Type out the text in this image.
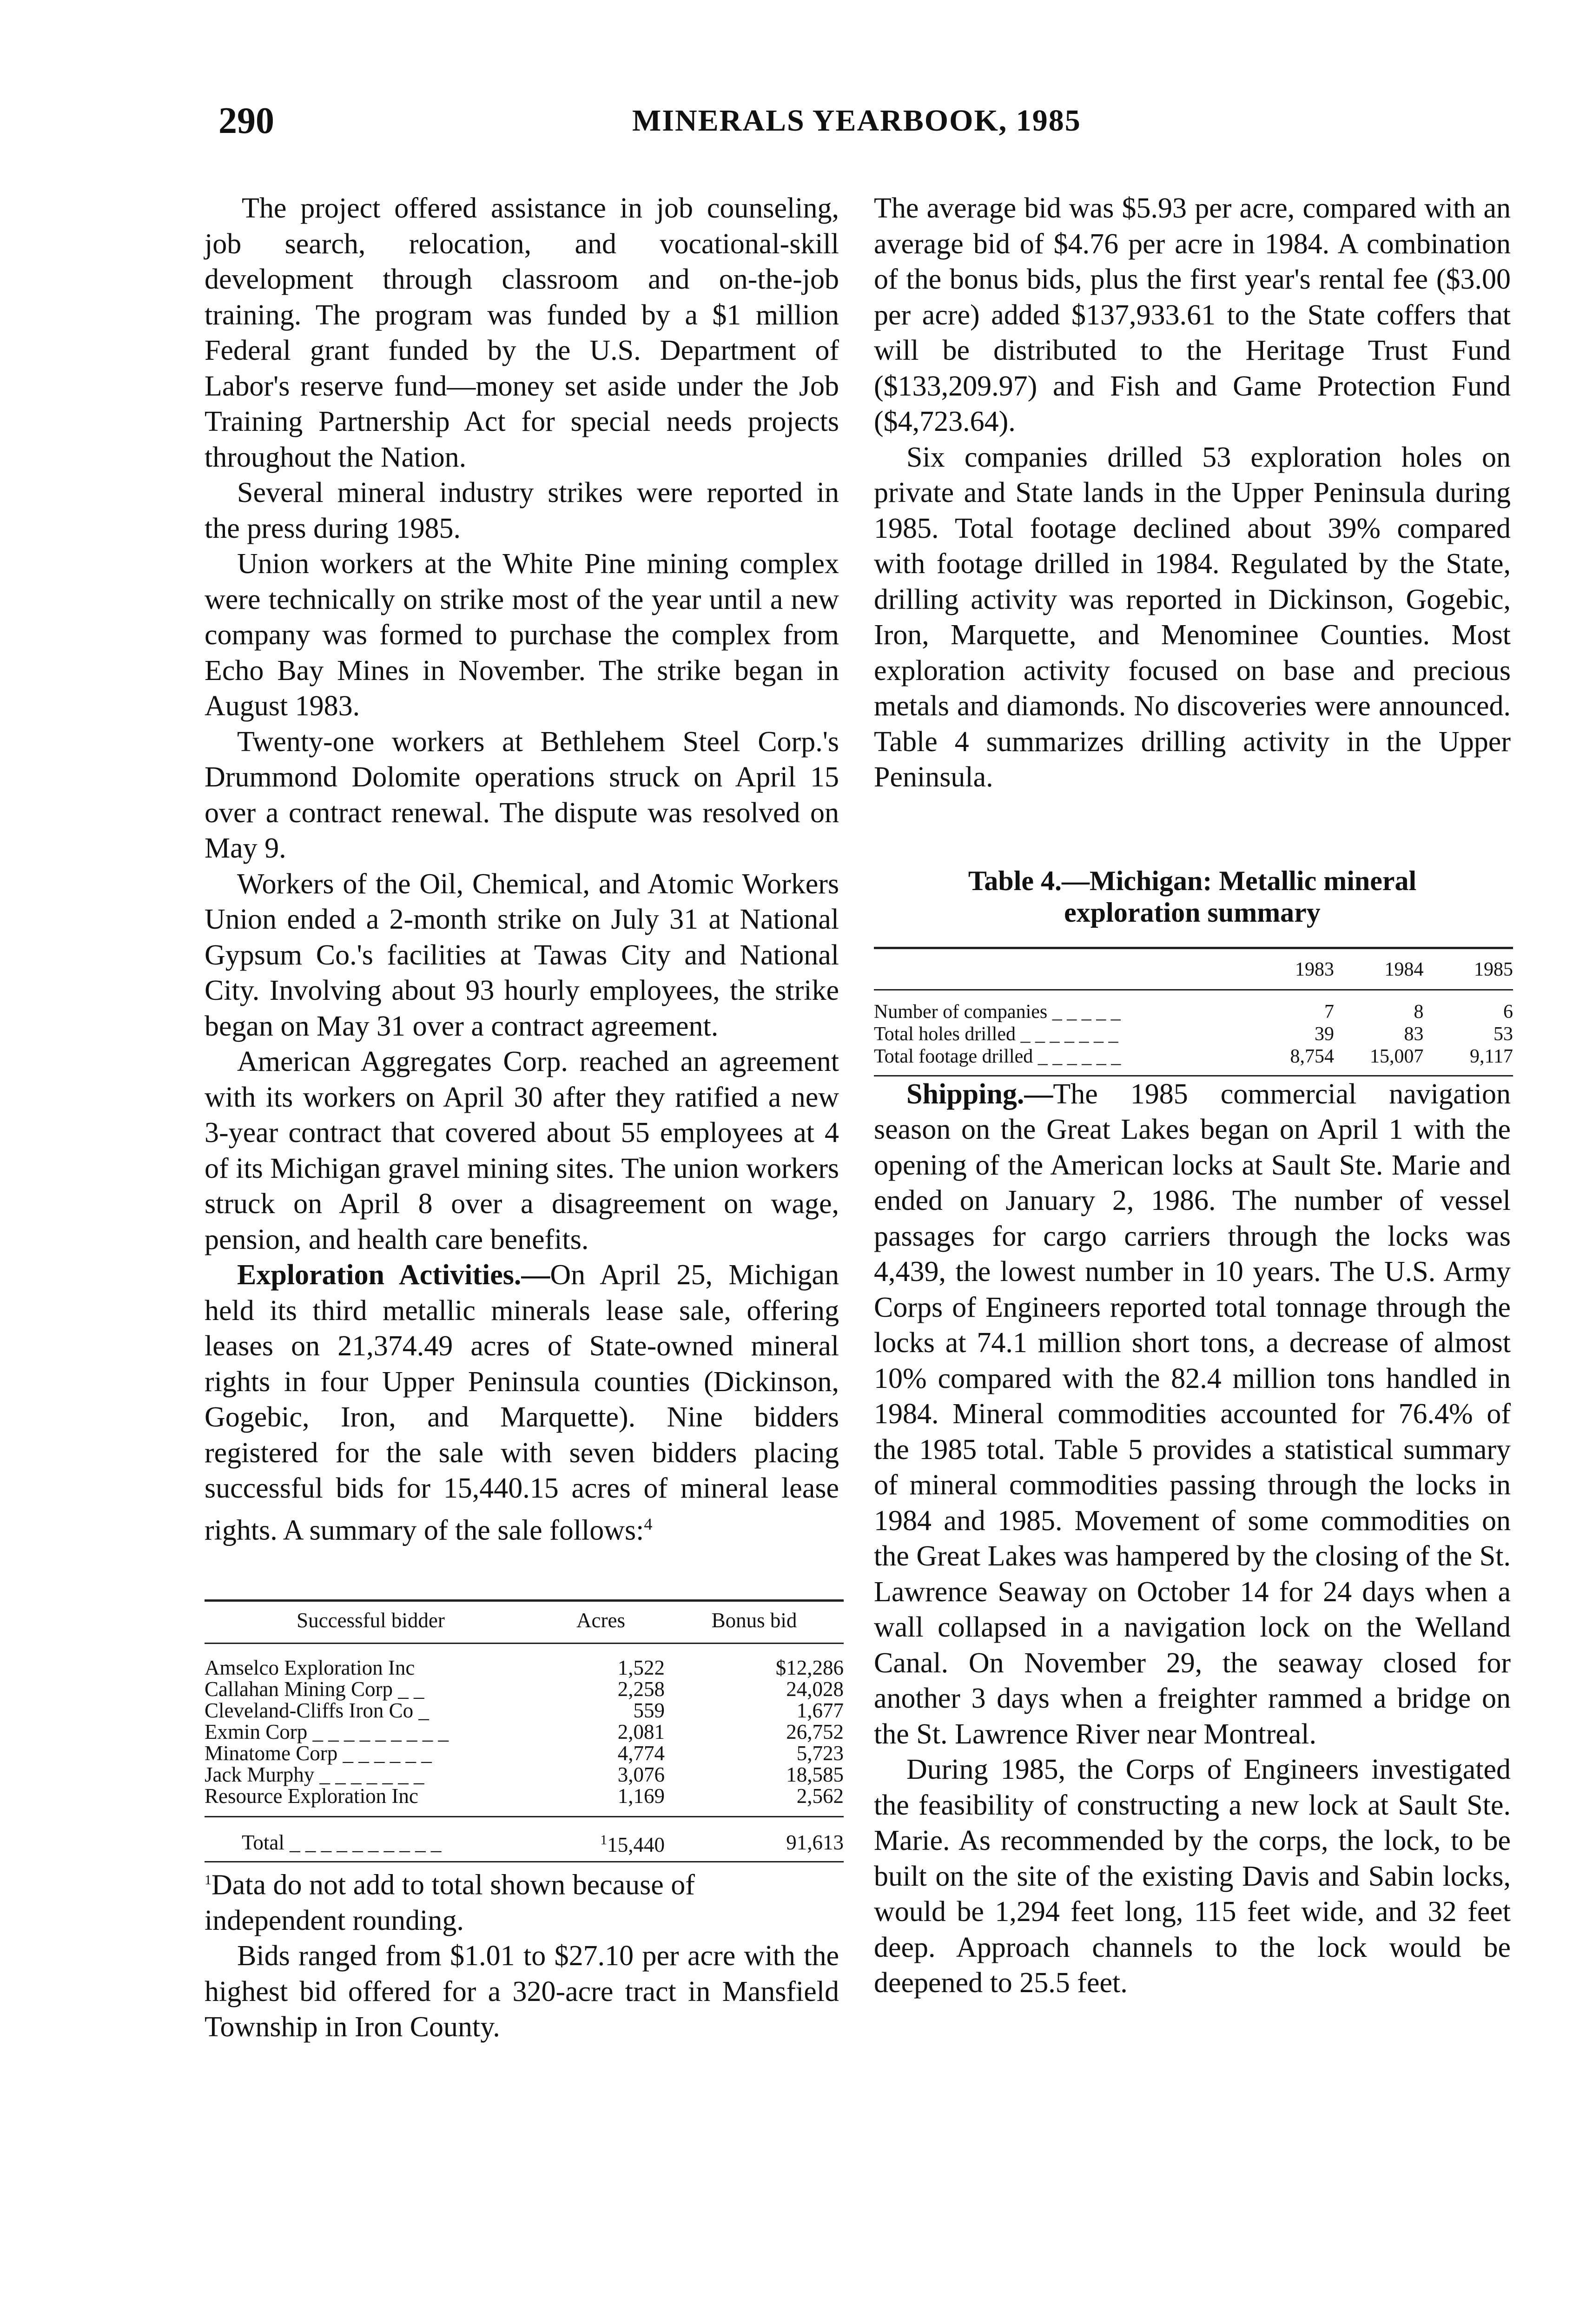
290	MINERALS YEARBOOK, 1985

The project offered assistance in job counseling, job search, relocation, and vocational-skill development through classroom and on-the-job training. The program was funded by a $1 million Federal grant funded by the U.S. Department of Labor's reserve fund—money set aside under the Job Training Partnership Act for special needs projects throughout the Nation.

Several mineral industry strikes were reported in the press during 1985.

Union workers at the White Pine mining complex were technically on strike most of the year until a new company was formed to purchase the complex from Echo Bay Mines in November. The strike began in August 1983.

Twenty-one workers at Bethlehem Steel Corp.'s Drummond Dolomite operations struck on April 15 over a contract renewal. The dispute was resolved on May 9.

Workers of the Oil, Chemical, and Atomic Workers Union ended a 2-month strike on July 31 at National Gypsum Co.'s facilities at Tawas City and National City. Involving about 93 hourly employees, the strike began on May 31 over a contract agreement.

American Aggregates Corp. reached an agreement with its workers on April 30 after they ratified a new 3-year contract that covered about 55 employees at 4 of its Michigan gravel mining sites. The union workers struck on April 8 over a disagreement on wage, pension, and health care benefits.

Exploration Activities.—On April 25, Michigan held its third metallic minerals lease sale, offering leases on 21,374.49 acres of State-owned mineral rights in four Upper Peninsula counties (Dickinson, Gogebic, Iron, and Marquette). Nine bidders registered for the sale with seven bidders placing successful bids for 15,440.15 acres of mineral lease rights. A summary of the sale follows:$^4$

Successful bidder	Acres	Bonus bid
Amselco Exploration Inc	1,522	$12,286
Callahan Mining Corp _ _	2,258	24,028
Cleveland-Cliffs Iron Co _	559	1,677
Exmin Corp _ _ _ _ _ _ _ _ _	2,081	26,752
Minatome Corp _ _ _ _ _ _	4,774	5,723
Jack Murphy _ _ _ _ _ _ _	3,076	18,585
Resource Exploration Inc	1,169	2,562
Total _ _ _ _ _ _ _ _ _ _	$^1$15,440	91,613

$^1$Data do not add to total shown because of independent rounding.

Bids ranged from $1.01 to $27.10 per acre with the highest bid offered for a 320-acre tract in Mansfield Township in Iron County.

The average bid was $5.93 per acre, compared with an average bid of $4.76 per acre in 1984. A combination of the bonus bids, plus the first year's rental fee ($3.00 per acre) added $137,933.61 to the State coffers that will be distributed to the Heritage Trust Fund ($133,209.97) and Fish and Game Protection Fund ($4,723.64).

Six companies drilled 53 exploration holes on private and State lands in the Upper Peninsula during 1985. Total footage declined about 39% compared with footage drilled in 1984. Regulated by the State, drilling activity was reported in Dickinson, Gogebic, Iron, Marquette, and Menominee Counties. Most exploration activity focused on base and precious metals and diamonds. No discoveries were announced. Table 4 summarizes drilling activity in the Upper Peninsula.

Table 4.—Michigan: Metallic mineral
exploration summary
	1983	1984	1985
Number of companies _ _ _ _ _	7	8	6
Total holes drilled _ _ _ _ _ _ _	39	83	53
Total footage drilled _ _ _ _ _ _	8,754	15,007	9,117

Shipping.—The 1985 commercial navigation season on the Great Lakes began on April 1 with the opening of the American locks at Sault Ste. Marie and ended on January 2, 1986. The number of vessel passages for cargo carriers through the locks was 4,439, the lowest number in 10 years. The U.S. Army Corps of Engineers reported total tonnage through the locks at 74.1 million short tons, a decrease of almost 10% compared with the 82.4 million tons handled in 1984. Mineral commodities accounted for 76.4% of the 1985 total. Table 5 provides a statistical summary of mineral commodities passing through the locks in 1984 and 1985. Movement of some commodities on the Great Lakes was hampered by the closing of the St. Lawrence Seaway on October 14 for 24 days when a wall collapsed in a navigation lock on the Welland Canal. On November 29, the seaway closed for another 3 days when a freighter rammed a bridge on the St. Lawrence River near Montreal.

During 1985, the Corps of Engineers investigated the feasibility of constructing a new lock at Sault Ste. Marie. As recommended by the corps, the lock, to be built on the site of the existing Davis and Sabin locks, would be 1,294 feet long, 115 feet wide, and 32 feet deep. Approach channels to the lock would be deepened to 25.5 feet.
